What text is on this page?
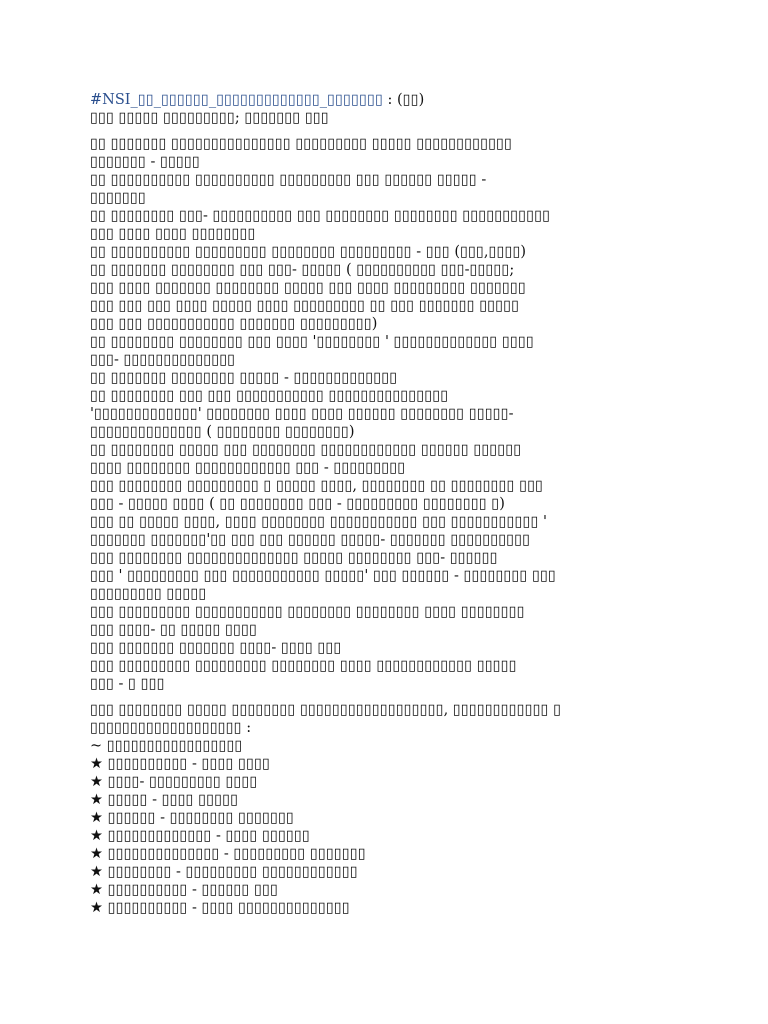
#NSI_▯▯_▯▯▯▯▯▯_▯▯▯▯▯▯▯▯▯▯▯▯▯_▯▯▯▯▯▯▯ : (▯▯)
▯▯▯ ▯▯▯▯▯ ▯▯▯▯▯▯▯▯▯; ▯▯▯▯▯▯▯ ▯▯▯
▯▯ ▯▯▯▯▯▯▯ ▯▯▯▯▯▯▯▯▯▯▯▯▯▯▯ ▯▯▯▯▯▯▯▯▯ ▯▯▯▯▯ ▯▯▯▯▯▯▯▯▯▯▯▯
▯▯▯▯▯▯▯ - ▯▯▯▯▯
▯▯ ▯▯▯▯▯▯▯▯▯▯ ▯▯▯▯▯▯▯▯▯▯ ▯▯▯▯▯▯▯▯▯ ▯▯▯ ▯▯▯▯▯▯ ▯▯▯▯▯ -
▯▯▯▯▯▯▯
▯▯ ▯▯▯▯▯▯▯▯ ▯▯▯- ▯▯▯▯▯▯▯▯▯▯ ▯▯▯ ▯▯▯▯▯▯▯▯ ▯▯▯▯▯▯▯▯ ▯▯▯▯▯▯▯▯▯▯▯
▯▯▯ ▯▯▯▯ ▯▯▯▯ ▯▯▯▯▯▯▯▯
▯▯ ▯▯▯▯▯▯▯▯▯▯ ▯▯▯▯▯▯▯▯▯ ▯▯▯▯▯▯▯▯ ▯▯▯▯▯▯▯▯▯ - ▯▯▯ (▯▯▯,▯▯▯▯)
▯▯ ▯▯▯▯▯▯▯ ▯▯▯▯▯▯▯▯ ▯▯▯ ▯▯▯- ▯▯▯▯▯ ( ▯▯▯▯▯▯▯▯▯▯ ▯▯▯-▯▯▯▯▯;
▯▯▯ ▯▯▯▯ ▯▯▯▯▯▯▯ ▯▯▯▯▯▯▯▯ ▯▯▯▯▯ ▯▯▯ ▯▯▯▯ ▯▯▯▯▯▯▯▯▯ ▯▯▯▯▯▯▯
▯▯▯ ▯▯▯ ▯▯▯ ▯▯▯▯ ▯▯▯▯▯ ▯▯▯▯ ▯▯▯▯▯▯▯▯▯ ▯▯ ▯▯▯ ▯▯▯▯▯▯▯ ▯▯▯▯▯
▯▯▯ ▯▯▯ ▯▯▯▯▯▯▯▯▯▯▯ ▯▯▯▯▯▯▯ ▯▯▯▯▯▯▯▯▯)
▯▯ ▯▯▯▯▯▯▯▯ ▯▯▯▯▯▯▯▯ ▯▯▯ ▯▯▯▯ '▯▯▯▯▯▯▯▯ ' ▯▯▯▯▯▯▯▯▯▯▯▯▯ ▯▯▯▯
▯▯▯- ▯▯▯▯▯▯▯▯▯▯▯▯▯▯
▯▯ ▯▯▯▯▯▯▯ ▯▯▯▯▯▯▯▯ ▯▯▯▯▯ - ▯▯▯▯▯▯▯▯▯▯▯▯▯
▯▯ ▯▯▯▯▯▯▯▯ ▯▯▯ ▯▯▯ ▯▯▯▯▯▯▯▯▯▯▯ ▯▯▯▯▯▯▯▯▯▯▯▯▯▯▯
'▯▯▯▯▯▯▯▯▯▯▯▯▯' ▯▯▯▯▯▯▯▯ ▯▯▯▯ ▯▯▯▯ ▯▯▯▯▯▯ ▯▯▯▯▯▯▯▯ ▯▯▯▯▯-
▯▯▯▯▯▯▯▯▯▯▯▯▯▯ ( ▯▯▯▯▯▯▯▯ ▯▯▯▯▯▯▯▯)
▯▯ ▯▯▯▯▯▯▯▯ ▯▯▯▯▯ ▯▯▯ ▯▯▯▯▯▯▯▯ ▯▯▯▯▯▯▯▯▯▯▯▯ ▯▯▯▯▯▯ ▯▯▯▯▯▯
▯▯▯▯ ▯▯▯▯▯▯▯▯ ▯▯▯▯▯▯▯▯▯▯▯▯ ▯▯▯ - ▯▯▯▯▯▯▯▯▯
▯▯▯ ▯▯▯▯▯▯▯▯ ▯▯▯▯▯▯▯▯▯ ▯ ▯▯▯▯▯ ▯▯▯▯, ▯▯▯▯▯▯▯▯ ▯▯ ▯▯▯▯▯▯▯▯ ▯▯▯
▯▯▯ - ▯▯▯▯▯ ▯▯▯▯ ( ▯▯ ▯▯▯▯▯▯▯▯ ▯▯▯ - ▯▯▯▯▯▯▯▯▯ ▯▯▯▯▯▯▯▯ ▯)
▯▯▯ ▯▯ ▯▯▯▯▯ ▯▯▯▯, ▯▯▯▯ ▯▯▯▯▯▯▯▯ ▯▯▯▯▯▯▯▯▯▯▯ ▯▯▯ ▯▯▯▯▯▯▯▯▯▯▯ '
▯▯▯▯▯▯▯ ▯▯▯▯▯▯▯'▯▯ ▯▯▯ ▯▯▯ ▯▯▯▯▯▯ ▯▯▯▯▯- ▯▯▯▯▯▯▯ ▯▯▯▯▯▯▯▯▯▯
▯▯▯ ▯▯▯▯▯▯▯▯ ▯▯▯▯▯▯▯▯▯▯▯▯▯▯ ▯▯▯▯▯ ▯▯▯▯▯▯▯▯ ▯▯▯- ▯▯▯▯▯▯
▯▯▯ ' ▯▯▯▯▯▯▯▯▯ ▯▯▯ ▯▯▯▯▯▯▯▯▯▯▯ ▯▯▯▯▯' ▯▯▯ ▯▯▯▯▯▯ - ▯▯▯▯▯▯▯▯ ▯▯▯
▯▯▯▯▯▯▯▯▯ ▯▯▯▯▯
▯▯▯ ▯▯▯▯▯▯▯▯▯ ▯▯▯▯▯▯▯▯▯▯▯ ▯▯▯▯▯▯▯▯ ▯▯▯▯▯▯▯▯ ▯▯▯▯ ▯▯▯▯▯▯▯▯
▯▯▯ ▯▯▯▯- ▯▯ ▯▯▯▯▯ ▯▯▯▯
▯▯▯ ▯▯▯▯▯▯▯ ▯▯▯▯▯▯▯ ▯▯▯▯- ▯▯▯▯ ▯▯▯
▯▯▯ ▯▯▯▯▯▯▯▯▯ ▯▯▯▯▯▯▯▯▯ ▯▯▯▯▯▯▯▯ ▯▯▯▯ ▯▯▯▯▯▯▯▯▯▯▯▯ ▯▯▯▯▯
▯▯▯ - ▯ ▯▯▯
▯▯▯ ▯▯▯▯▯▯▯▯ ▯▯▯▯▯ ▯▯▯▯▯▯▯▯ ▯▯▯▯▯▯▯▯▯▯▯▯▯▯▯▯▯▯, ▯▯▯▯▯▯▯▯▯▯▯▯ ▯
▯▯▯▯▯▯▯▯▯▯▯▯▯▯▯▯▯▯▯ :
~ ▯▯▯▯▯▯▯▯▯▯▯▯▯▯▯▯▯
★ ▯▯▯▯▯▯▯▯▯▯ - ▯▯▯▯ ▯▯▯▯
★ ▯▯▯▯- ▯▯▯▯▯▯▯▯▯ ▯▯▯▯
★ ▯▯▯▯▯ - ▯▯▯▯ ▯▯▯▯▯
★ ▯▯▯▯▯▯ - ▯▯▯▯▯▯▯▯ ▯▯▯▯▯▯▯
★ ▯▯▯▯▯▯▯▯▯▯▯▯▯ - ▯▯▯▯ ▯▯▯▯▯▯
★ ▯▯▯▯▯▯▯▯▯▯▯▯▯▯ - ▯▯▯▯▯▯▯▯▯ ▯▯▯▯▯▯▯
★ ▯▯▯▯▯▯▯▯ - ▯▯▯▯▯▯▯▯▯ ▯▯▯▯▯▯▯▯▯▯▯▯
★ ▯▯▯▯▯▯▯▯▯▯ - ▯▯▯▯▯▯ ▯▯▯
★ ▯▯▯▯▯▯▯▯▯▯ - ▯▯▯▯ ▯▯▯▯▯▯▯▯▯▯▯▯▯▯
